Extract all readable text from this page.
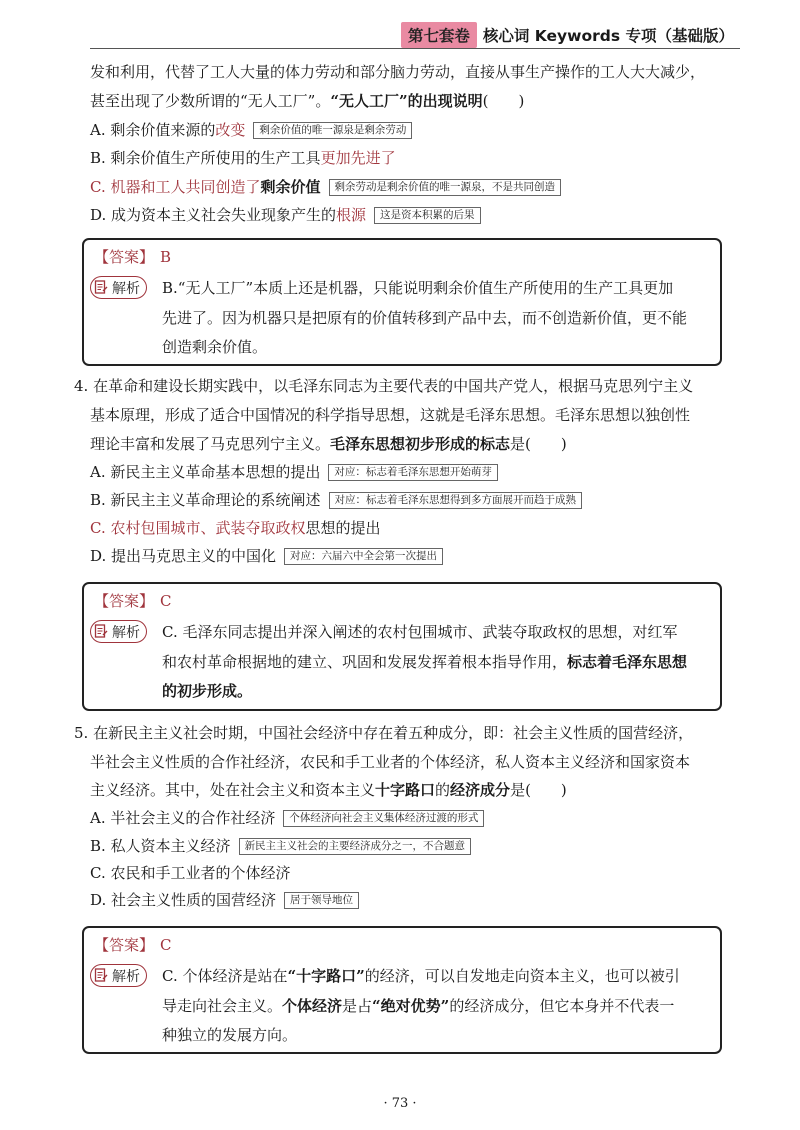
第七套卷 核心词 Keywords 专项（基础版）
发和利用，代替了工人大量的体力劳动和部分脑力劳动，直接从事生产操作的工人大大减少，
甚至出现了少数所谓的“无人工厂”。“无人工厂”的出现说明(　　)
A. 剩余价值来源的改变 剩余价值的唯一源泉是剩余劳动
B. 剩余价值生产所使用的生产工具更加先进了
C. 机器和工人共同创造了剩余价值 剩余劳动是剩余价值的唯一源泉，不是共同创造
D. 成为资本主义社会失业现象产生的根源 这是资本积累的后果
【答案】 B
解析 B.“无人工厂”本质上还是机器，只能说明剩余价值生产所使用的生产工具更加
先进了。因为机器只是把原有的价值转移到产品中去，而不创造新价值，更不能
创造剩余价值。
4. 在革命和建设长期实践中，以毛泽东同志为主要代表的中国共产党人，根据马克思列宁主义
基本原理，形成了适合中国情况的科学指导思想，这就是毛泽东思想。毛泽东思想以独创性
理论丰富和发展了马克思列宁主义。毛泽东思想初步形成的标志是(　　)
A. 新民主主义革命基本思想的提出 对应：标志着毛泽东思想开始萌芽
B. 新民主主义革命理论的系统阐述 对应：标志着毛泽东思想得到多方面展开而趋于成熟
C. 农村包围城市、武装夺取政权思想的提出
D. 提出马克思主义的中国化 对应：六届六中全会第一次提出
【答案】 C
解析 C. 毛泽东同志提出并深入阐述的农村包围城市、武装夺取政权的思想，对红军
和农村革命根据地的建立、巩固和发展发挥着根本指导作用，标志着毛泽东思想
的初步形成。
5. 在新民主主义社会时期，中国社会经济中存在着五种成分，即：社会主义性质的国营经济，
半社会主义性质的合作社经济，农民和手工业者的个体经济，私人资本主义经济和国家资本
主义经济。其中，处在社会主义和资本主义十字路口的经济成分是(　　)
A. 半社会主义的合作社经济 个体经济向社会主义集体经济过渡的形式
B. 私人资本主义经济 新民主主义社会的主要经济成分之一，不合题意
C. 农民和手工业者的个体经济
D. 社会主义性质的国营经济 居于领导地位
【答案】 C
解析 C. 个体经济是站在“十字路口”的经济，可以自发地走向资本主义，也可以被引
导走向社会主义。个体经济是占“绝对优势”的经济成分，但它本身并不代表一
种独立的发展方向。
· 73 ·
